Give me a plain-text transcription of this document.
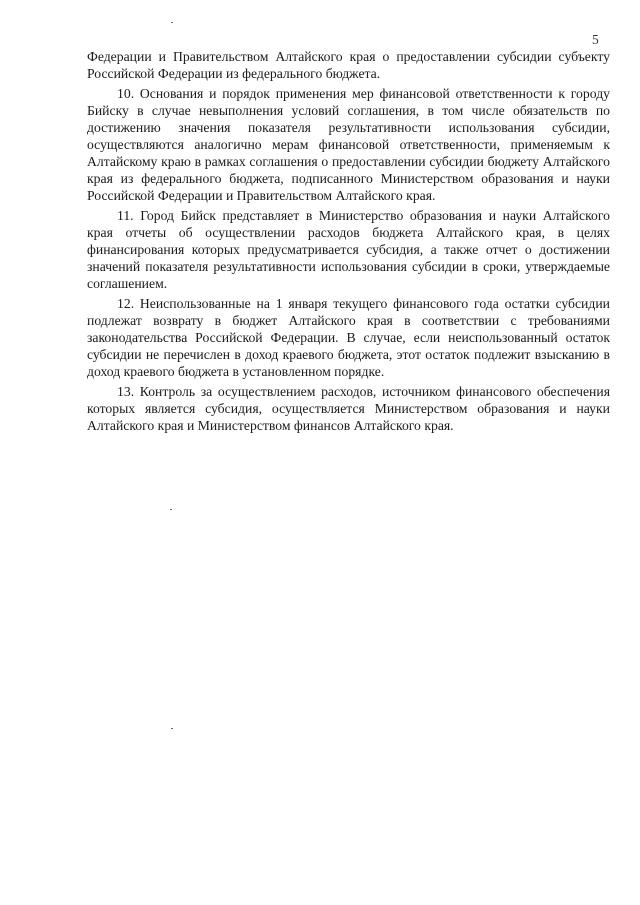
5

Федерации и Правительством Алтайского края о предоставлении субсидии субъекту Российской Федерации из федерального бюджета.

10. Основания и порядок применения мер финансовой ответственности к городу Бийску в случае невыполнения условий соглашения, в том числе обязательств по достижению значения показателя результативности использования субсидии, осуществляются аналогично мерам финансовой ответственности, применяемым к Алтайскому краю в рамках соглашения о предоставлении субсидии бюджету Алтайского края из федерального бюджета, подписанного Министерством образования и науки Российской Федерации и Правительством Алтайского края.

11. Город Бийск представляет в Министерство образования и науки Алтайского края отчеты об осуществлении расходов бюджета Алтайского края, в целях финансирования которых предусматривается субсидия, а также отчет о достижении значений показателя результативности использования субсидии в сроки, утверждаемые соглашением.

12. Неиспользованные на 1 января текущего финансового года остатки субсидии подлежат возврату в бюджет Алтайского края в соответствии с требованиями законодательства Российской Федерации. В случае, если неиспользованный остаток субсидии не перечислен в доход краевого бюджета, этот остаток подлежит взысканию в доход краевого бюджета в установленном порядке.

13. Контроль за осуществлением расходов, источником финансового обеспечения которых является субсидия, осуществляется Министерством образования и науки Алтайского края и Министерством финансов Алтайского края.
